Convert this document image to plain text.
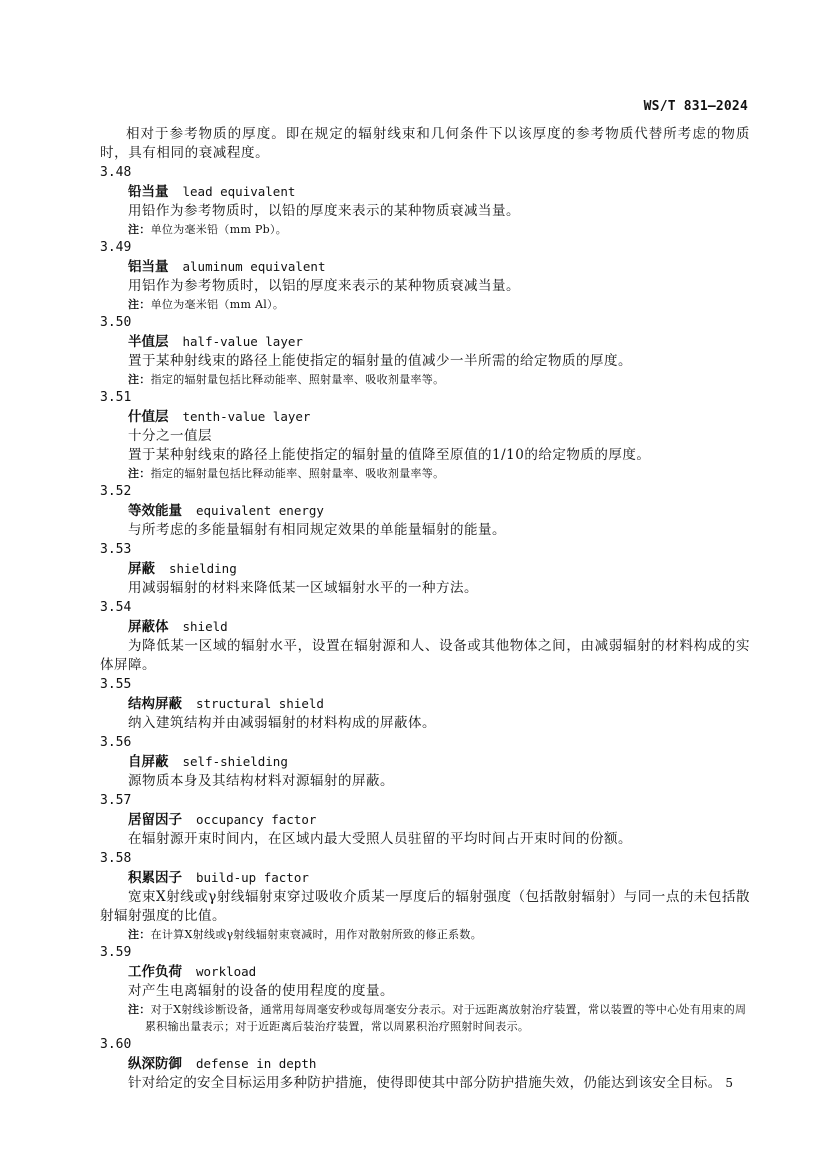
WS/T 831—2024

相对于参考物质的厚度。即在规定的辐射线束和几何条件下以该厚度的参考物质代替所考虑的物质时，具有相同的衰减程度。

3.48
铅当量 lead equivalent
用铅作为参考物质时，以铅的厚度来表示的某种物质衰减当量。
注：单位为毫米铅（mm Pb）。
3.49
铝当量 aluminum equivalent
用铝作为参考物质时，以铝的厚度来表示的某种物质衰减当量。
注：单位为毫米铝（mm Al）。
3.50
半值层 half-value layer
置于某种射线束的路径上能使指定的辐射量的值减少一半所需的给定物质的厚度。
注：指定的辐射量包括比释动能率、照射量率、吸收剂量率等。
3.51
什值层 tenth-value layer
十分之一值层
置于某种射线束的路径上能使指定的辐射量的值降至原值的1/10的给定物质的厚度。
注：指定的辐射量包括比释动能率、照射量率、吸收剂量率等。
3.52
等效能量 equivalent energy
与所考虑的多能量辐射有相同规定效果的单能量辐射的能量。
3.53
屏蔽 shielding
用减弱辐射的材料来降低某一区域辐射水平的一种方法。
3.54
屏蔽体 shield
为降低某一区域的辐射水平，设置在辐射源和人、设备或其他物体之间，由减弱辐射的材料构成的实体屏障。
3.55
结构屏蔽 structural shield
纳入建筑结构并由减弱辐射的材料构成的屏蔽体。
3.56
自屏蔽 self-shielding
源物质本身及其结构材料对源辐射的屏蔽。
3.57
居留因子 occupancy factor
在辐射源开束时间内，在区域内最大受照人员驻留的平均时间占开束时间的份额。
3.58
积累因子 build-up factor
宽束X射线或γ射线辐射束穿过吸收介质某一厚度后的辐射强度（包括散射辐射）与同一点的未包括散射辐射强度的比值。
注：在计算X射线或γ射线辐射束衰减时，用作对散射所致的修正系数。
3.59
工作负荷 workload
对产生电离辐射的设备的使用程度的度量。
注：对于X射线诊断设备，通常用每周毫安秒或每周毫安分表示。对于远距离放射治疗装置，常以装置的等中心处有用束的周累积输出量表示；对于近距离后装治疗装置，常以周累积治疗照射时间表示。
3.60
纵深防御 defense in depth
针对给定的安全目标运用多种防护措施，使得即使其中部分防护措施失效，仍能达到该安全目标。 5
